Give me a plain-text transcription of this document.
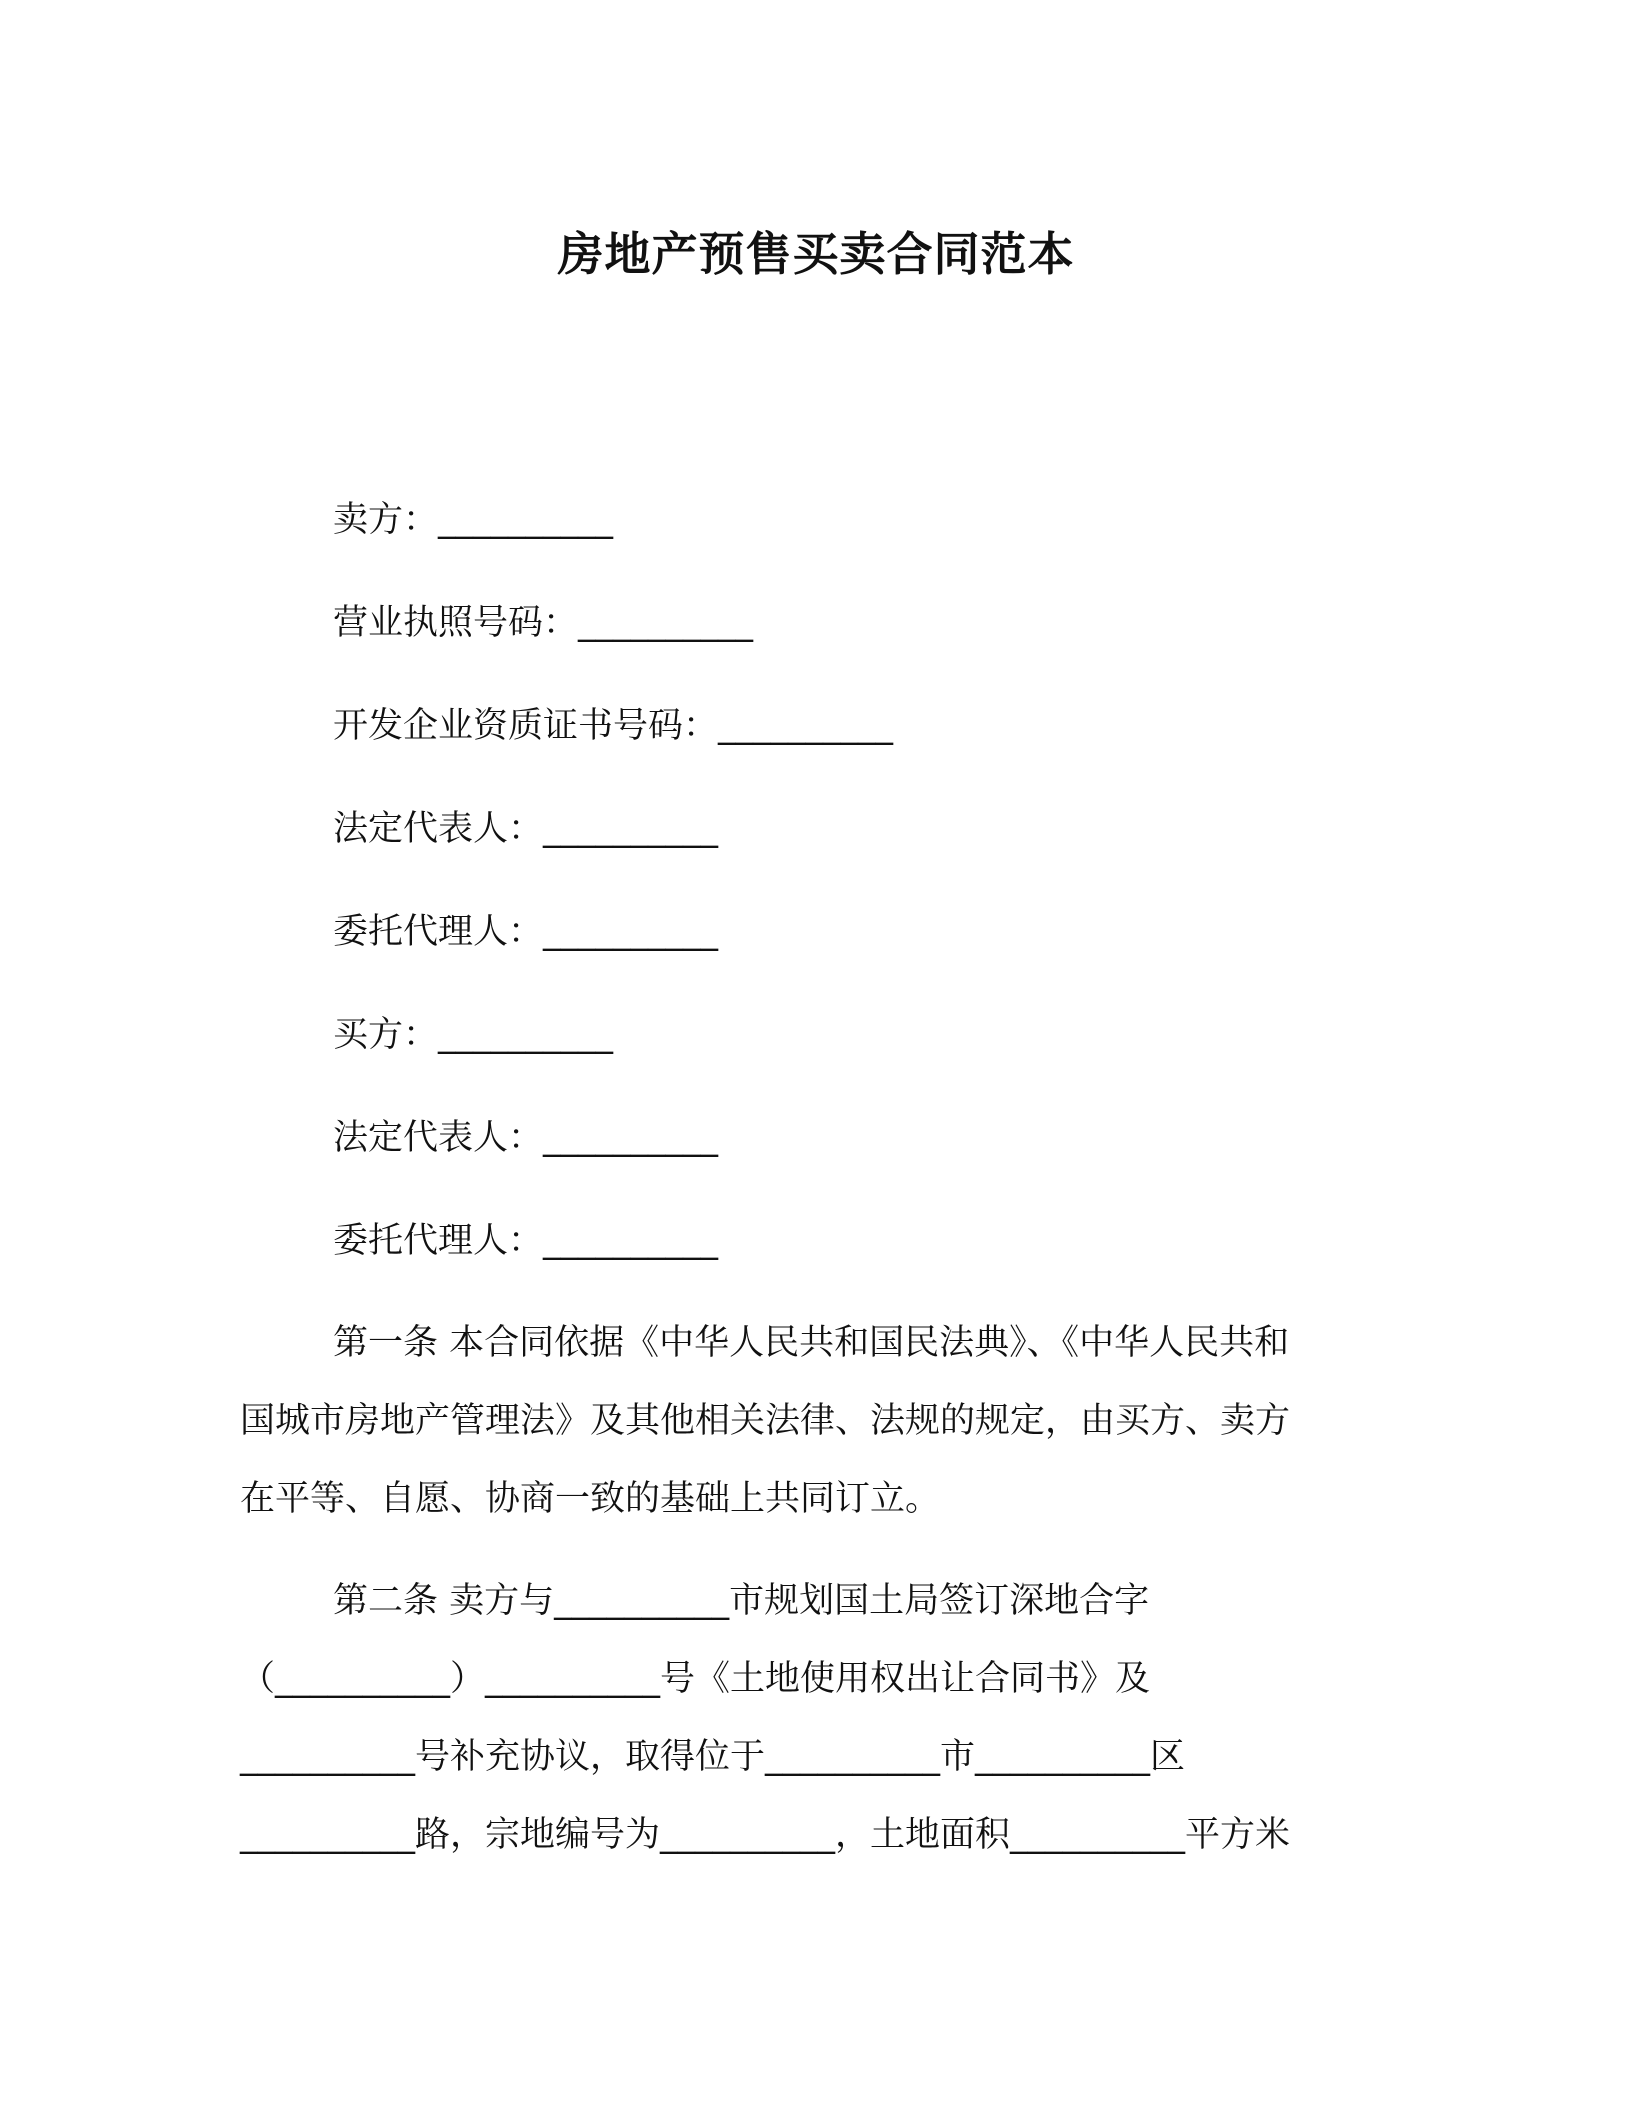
房地产预售买卖合同范本
卖方：__________
营业执照号码：__________
开发企业资质证书号码：__________
法定代表人：__________
委托代理人：__________
买方：__________
法定代表人：__________
委托代理人：__________
第一条 本合同依据《中华人民共和国民法典》、《中华人民共和
国城市房地产管理法》及其他相关法律、法规的规定，由买方、卖方
在平等、自愿、协商一致的基础上共同订立。
第二条 卖方与__________市规划国土局签订深地合字
（__________）__________号《土地使用权出让合同书》及
__________号补充协议，取得位于__________市__________区
__________路，宗地编号为__________，土地面积__________平方米
